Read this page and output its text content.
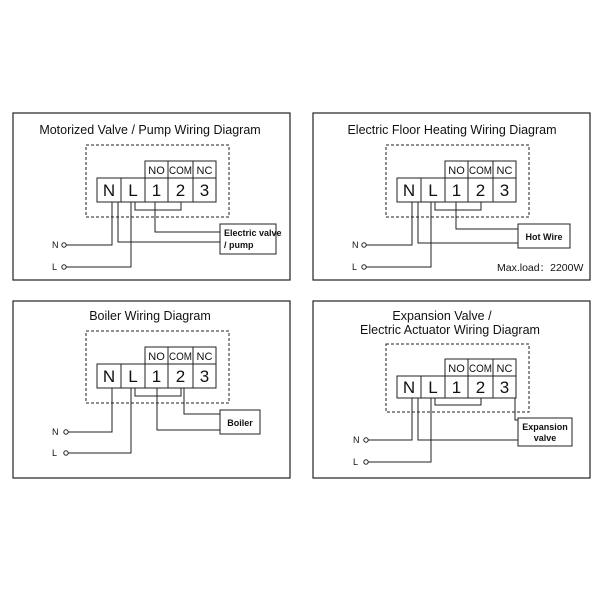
Motorized Valve / Pump Wiring Diagram
NO COM NC
N L 1 2 3
Electric valve
/ pump
N
L
Electric Floor Heating Wiring Diagram
NO COM NC
N L 1 2 3
Hot Wire
Max.load：2200W
N
L
Boiler Wiring Diagram
NO COM NC
N L 1 2 3
Boiler
N
L
Expansion Valve /
Electric Actuator Wiring Diagram
NO COM NC
N L 1 2 3
Expansion
valve
N
L
